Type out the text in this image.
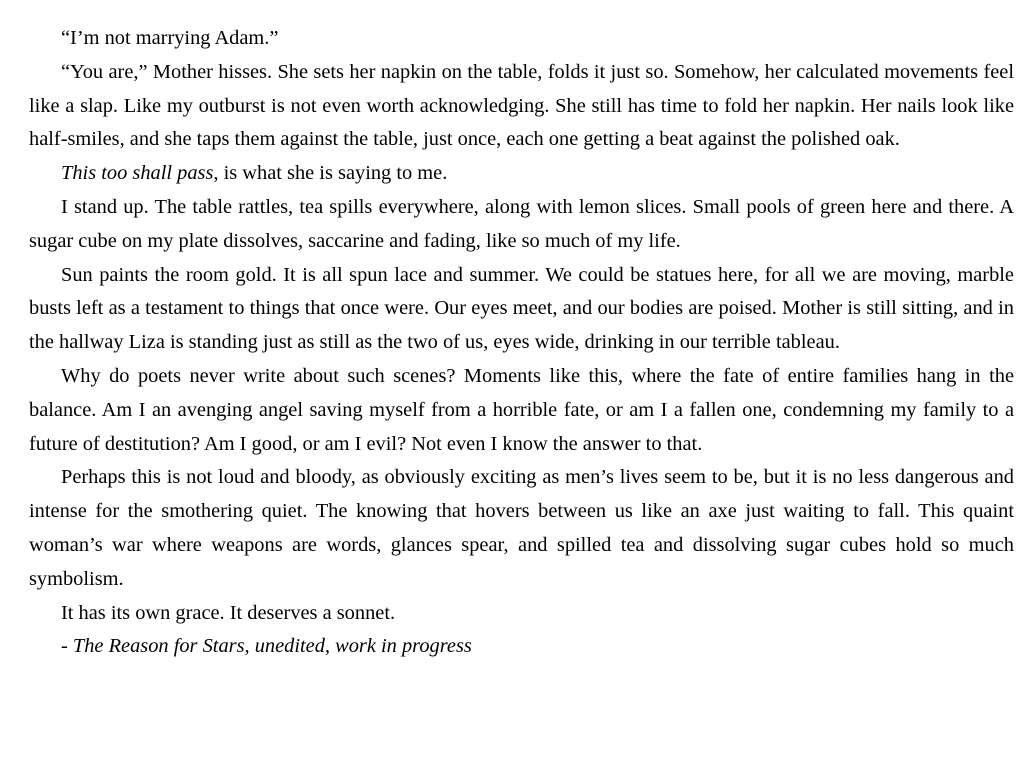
“I’m not marrying Adam.”

“You are,” Mother hisses. She sets her napkin on the table, folds it just so. Somehow, her calculated movements feel like a slap. Like my outburst is not even worth acknowledging. She still has time to fold her napkin. Her nails look like half-smiles, and she taps them against the table, just once, each one getting a beat against the polished oak.

This too shall pass, is what she is saying to me.

I stand up. The table rattles, tea spills everywhere, along with lemon slices. Small pools of green here and there. A sugar cube on my plate dissolves, saccarine and fading, like so much of my life.

Sun paints the room gold. It is all spun lace and summer. We could be statues here, for all we are moving, marble busts left as a testament to things that once were. Our eyes meet, and our bodies are poised. Mother is still sitting, and in the hallway Liza is standing just as still as the two of us, eyes wide, drinking in our terrible tableau.

Why do poets never write about such scenes? Moments like this, where the fate of entire families hang in the balance. Am I an avenging angel saving myself from a horrible fate, or am I a fallen one, condemning my family to a future of destitution? Am I good, or am I evil? Not even I know the answer to that.

Perhaps this is not loud and bloody, as obviously exciting as men’s lives seem to be, but it is no less dangerous and intense for the smothering quiet. The knowing that hovers between us like an axe just waiting to fall. This quaint woman’s war where weapons are words, glances spear, and spilled tea and dissolving sugar cubes hold so much symbolism.

It has its own grace. It deserves a sonnet.

- The Reason for Stars, unedited, work in progress
